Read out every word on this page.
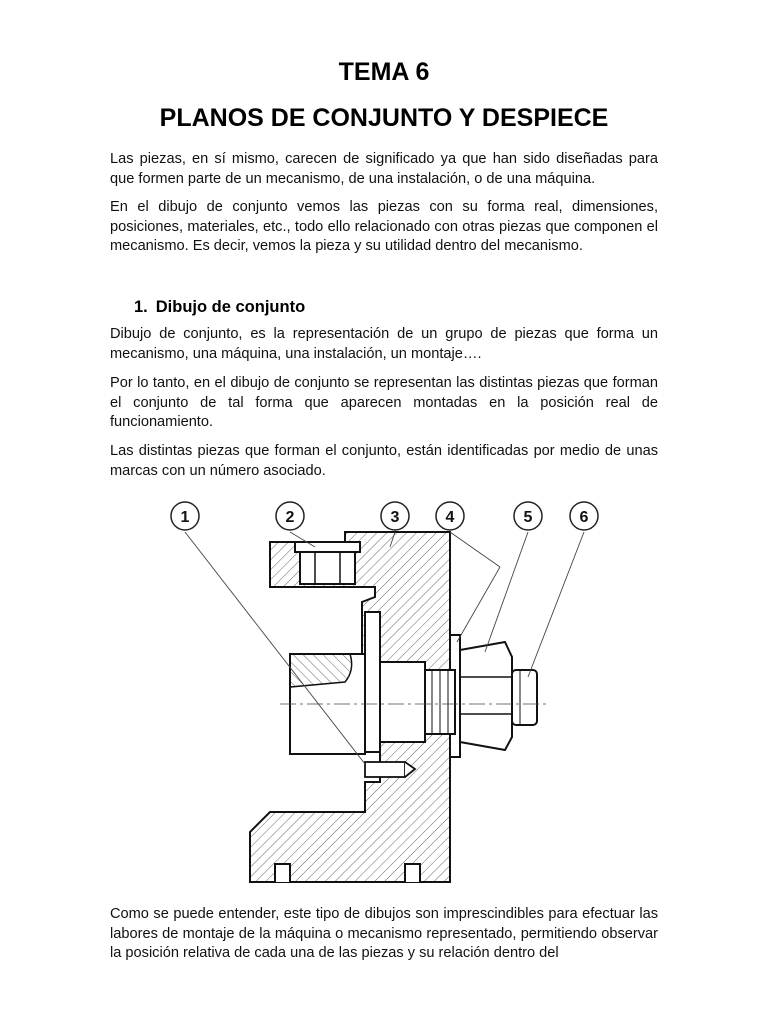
TEMA 6
PLANOS DE CONJUNTO Y DESPIECE

Las piezas, en sí mismo, carecen de significado ya que han sido diseñadas para que formen parte de un mecanismo, de una instalación, o de una máquina.

En el dibujo de conjunto vemos las piezas con su forma real, dimensiones, posiciones, materiales, etc., todo ello relacionado con otras piezas que componen el mecanismo. Es decir, vemos la pieza y su utilidad dentro del mecanismo.

1. Dibujo de conjunto

Dibujo de conjunto, es la representación de un grupo de piezas que forma un mecanismo, una máquina, una instalación, un montaje….

Por lo tanto, en el dibujo de conjunto se representan las distintas piezas que forman el conjunto de tal forma que aparecen montadas en la posición real de funcionamiento.

Las distintas piezas que forman el conjunto, están identificadas por medio de unas marcas con un número asociado.

1	2	3	4	5	6

Como se puede entender, este tipo de dibujos son imprescindibles para efectuar las labores de montaje de la máquina o mecanismo representado, permitiendo observar la posición relativa de cada una de las piezas y su relación dentro del
